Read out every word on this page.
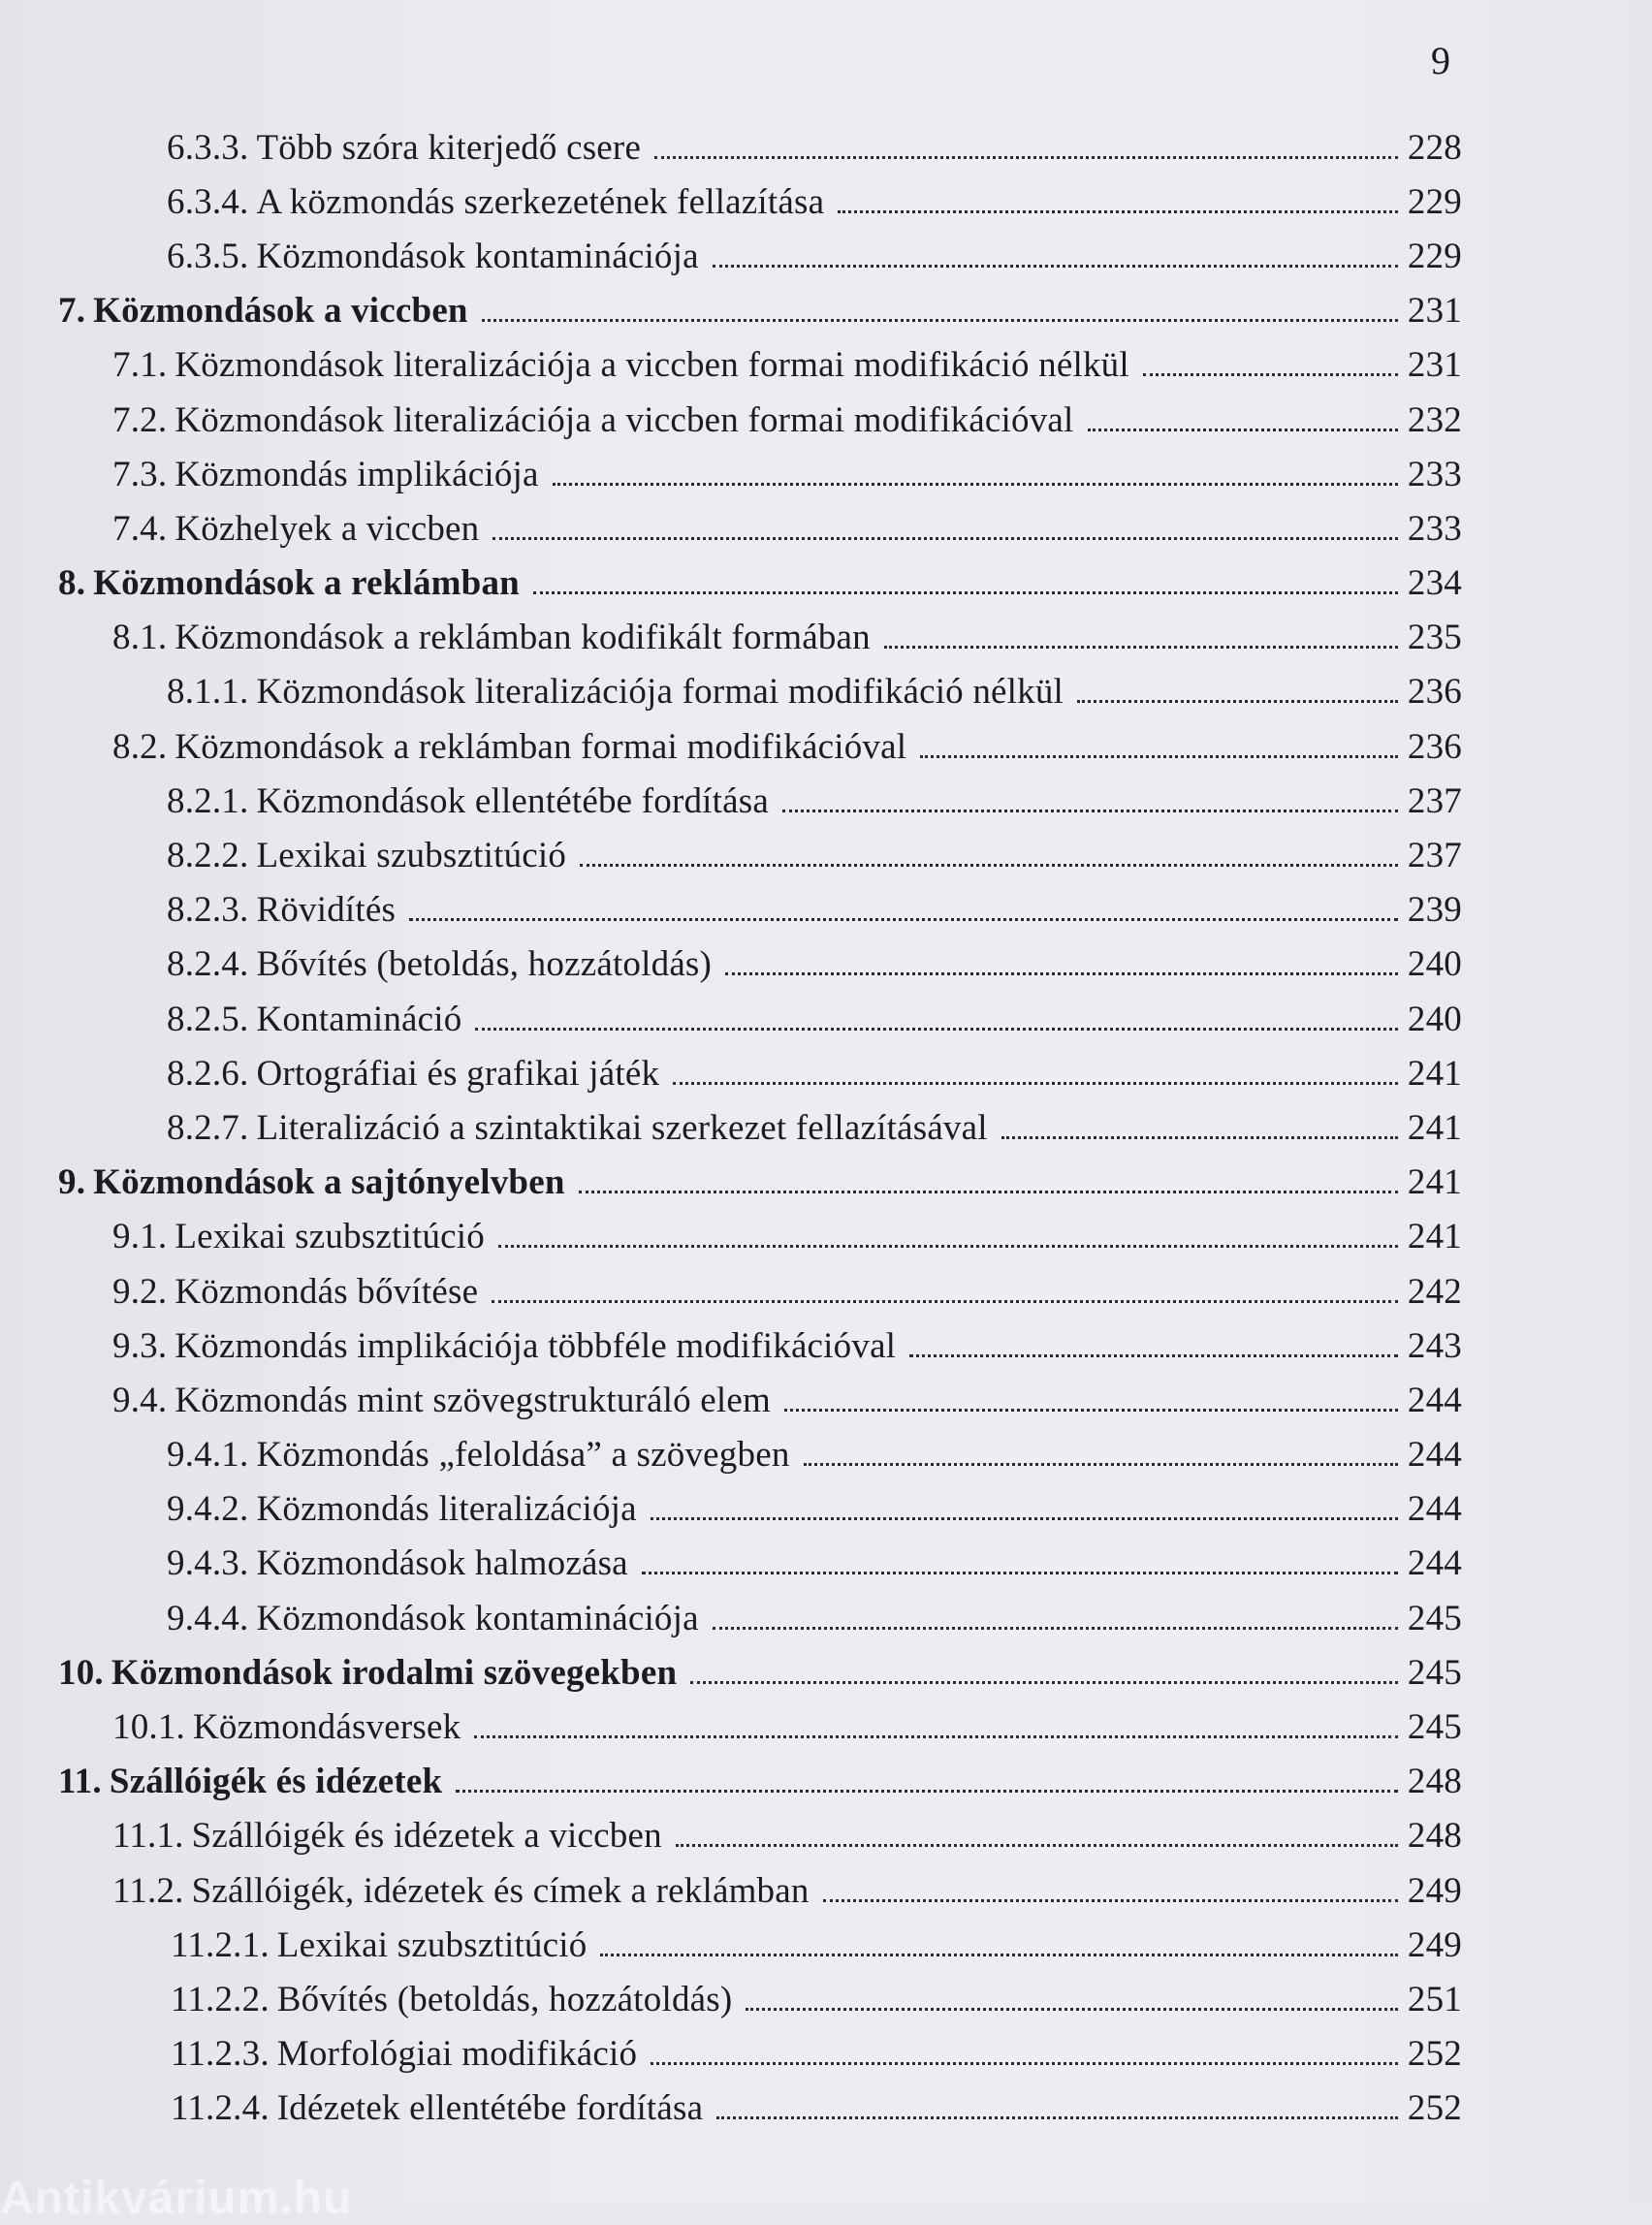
9
6.3.3. Több szóra kiterjedő csere	228
6.3.4. A közmondás szerkezetének fellazítása	229
6.3.5. Közmondások kontaminációja	229
7. Közmondások a viccben	231
7.1. Közmondások literalizációja a viccben formai modifikáció nélkül	231
7.2. Közmondások literalizációja a viccben formai modifikációval	232
7.3. Közmondás implikációja	233
7.4. Közhelyek a viccben	233
8. Közmondások a reklámban	234
8.1. Közmondások a reklámban kodifikált formában	235
8.1.1. Közmondások literalizációja formai modifikáció nélkül	236
8.2. Közmondások a reklámban formai modifikációval	236
8.2.1. Közmondások ellentétébe fordítása	237
8.2.2. Lexikai szubsztitúció	237
8.2.3. Rövidítés	239
8.2.4. Bővítés (betoldás, hozzátoldás)	240
8.2.5. Kontamináció	240
8.2.6. Ortográfiai és grafikai játék	241
8.2.7. Literalizáció a szintaktikai szerkezet fellazításával	241
9. Közmondások a sajtónyelvben	241
9.1. Lexikai szubsztitúció	241
9.2. Közmondás bővítése	242
9.3. Közmondás implikációja többféle modifikációval	243
9.4. Közmondás mint szövegstrukturáló elem	244
9.4.1. Közmondás „feloldása” a szövegben	244
9.4.2. Közmondás literalizációja	244
9.4.3. Közmondások halmozása	244
9.4.4. Közmondások kontaminációja	245
10. Közmondások irodalmi szövegekben	245
10.1. Közmondásversek	245
11. Szállóigék és idézetek	248
11.1. Szállóigék és idézetek a viccben	248
11.2. Szállóigék, idézetek és címek a reklámban	249
11.2.1. Lexikai szubsztitúció	249
11.2.2. Bővítés (betoldás, hozzátoldás)	251
11.2.3. Morfológiai modifikáció	252
11.2.4. Idézetek ellentétébe fordítása	252
Antikvárium.hu
